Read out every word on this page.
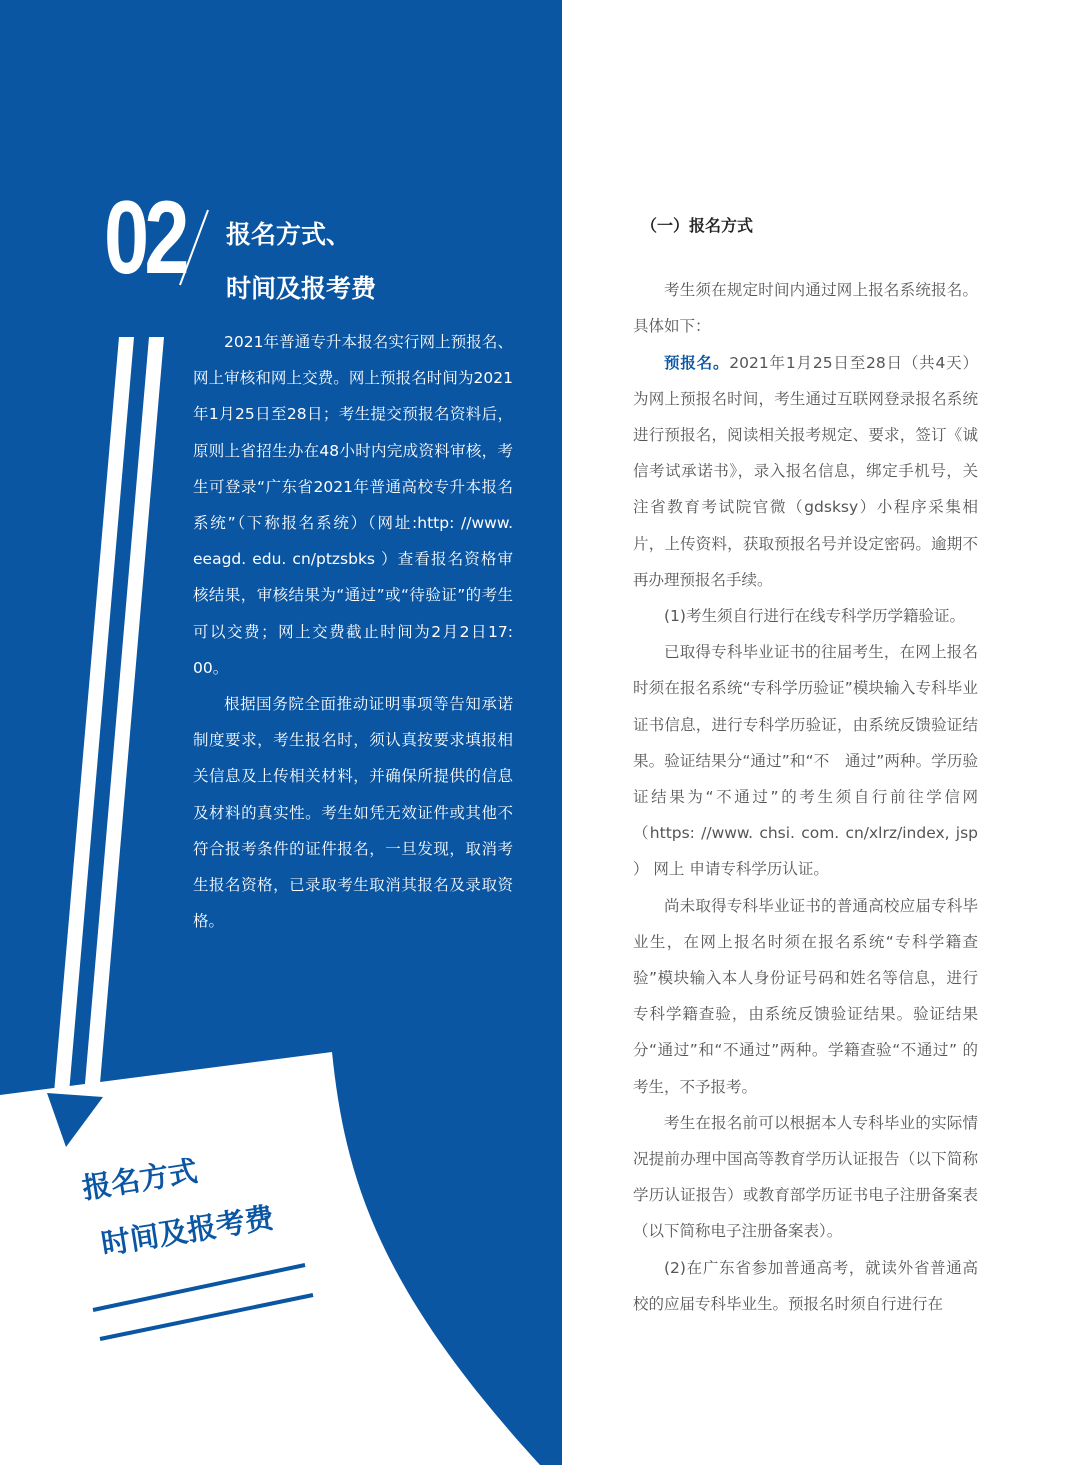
02 报名方式、
时间及报考费

2021年普通专升本报名实行网上预报名、网上审核和网上交费。网上预报名时间为2021年1月25日至28日；考生提交预报名资料后，原则上省招生办在48小时内完成资料审核，考生可登录“广东省2021年普通高校专升本报名系统”（下称报名系统）（网址:http: //www. eeagd. edu. cn/ptzsbks ）查看报名资格审核结果，审核结果为“通过”或“待验证”的考生可以交费；网上交费截止时间为2月2日17: 00。

根据国务院全面推动证明事项等告知承诺制度要求，考生报名时，须认真按要求填报相关信息及上传相关材料，并确保所提供的信息及材料的真实性。考生如凭无效证件或其他不符合报考条件的证件报名，一旦发现，取消考生报名资格，已录取考生取消其报名及录取资格。

报名方式
时间及报考费
（一）报名方式

考生须在规定时间内通过网上报名系统报名。具体如下：

预报名。2021年1月25日至28日（共4天）为网上预报名时间，考生通过互联网登录报名系统进行预报名，阅读相关报考规定、要求，签订《诚信考试承诺书》，录入报名信息，绑定手机号，关注省教育考试院官微（gdsksy）小程序采集相片，上传资料，获取预报名号并设定密码。逾期不再办理预报名手续。

(1)考生须自行进行在线专科学历学籍验证。

已取得专科毕业证书的往届考生，在网上报名时须在报名系统“专科学历验证”模块输入专科毕业证书信息，进行专科学历验证，由系统反馈验证结果。验证结果分“通过”和“不　通过”两种。学历验证结果为“不通过”的考生须自行前往学信网　（https: //www. chsi. com. cn/xlrz/index, jsp ） 网上 申请专科学历认证。

尚未取得专科毕业证书的普通高校应届专科毕业生，在网上报名时须在报名系统“专科学籍查验”模块输入本人身份证号码和姓名等信息，进行专科学籍查验，由系统反馈验证结果。验证结果分“通过”和“不通过”两种。学籍查验“不通过” 的考生，不予报考。

考生在报名前可以根据本人专科毕业的实际情况提前办理中国高等教育学历认证报告（以下简称学历认证报告）或教育部学历证书电子注册备案表（以下简称电子注册备案表）。

(2)在广东省参加普通高考，就读外省普通高校的应届专科毕业生。预报名时须自行进行在
